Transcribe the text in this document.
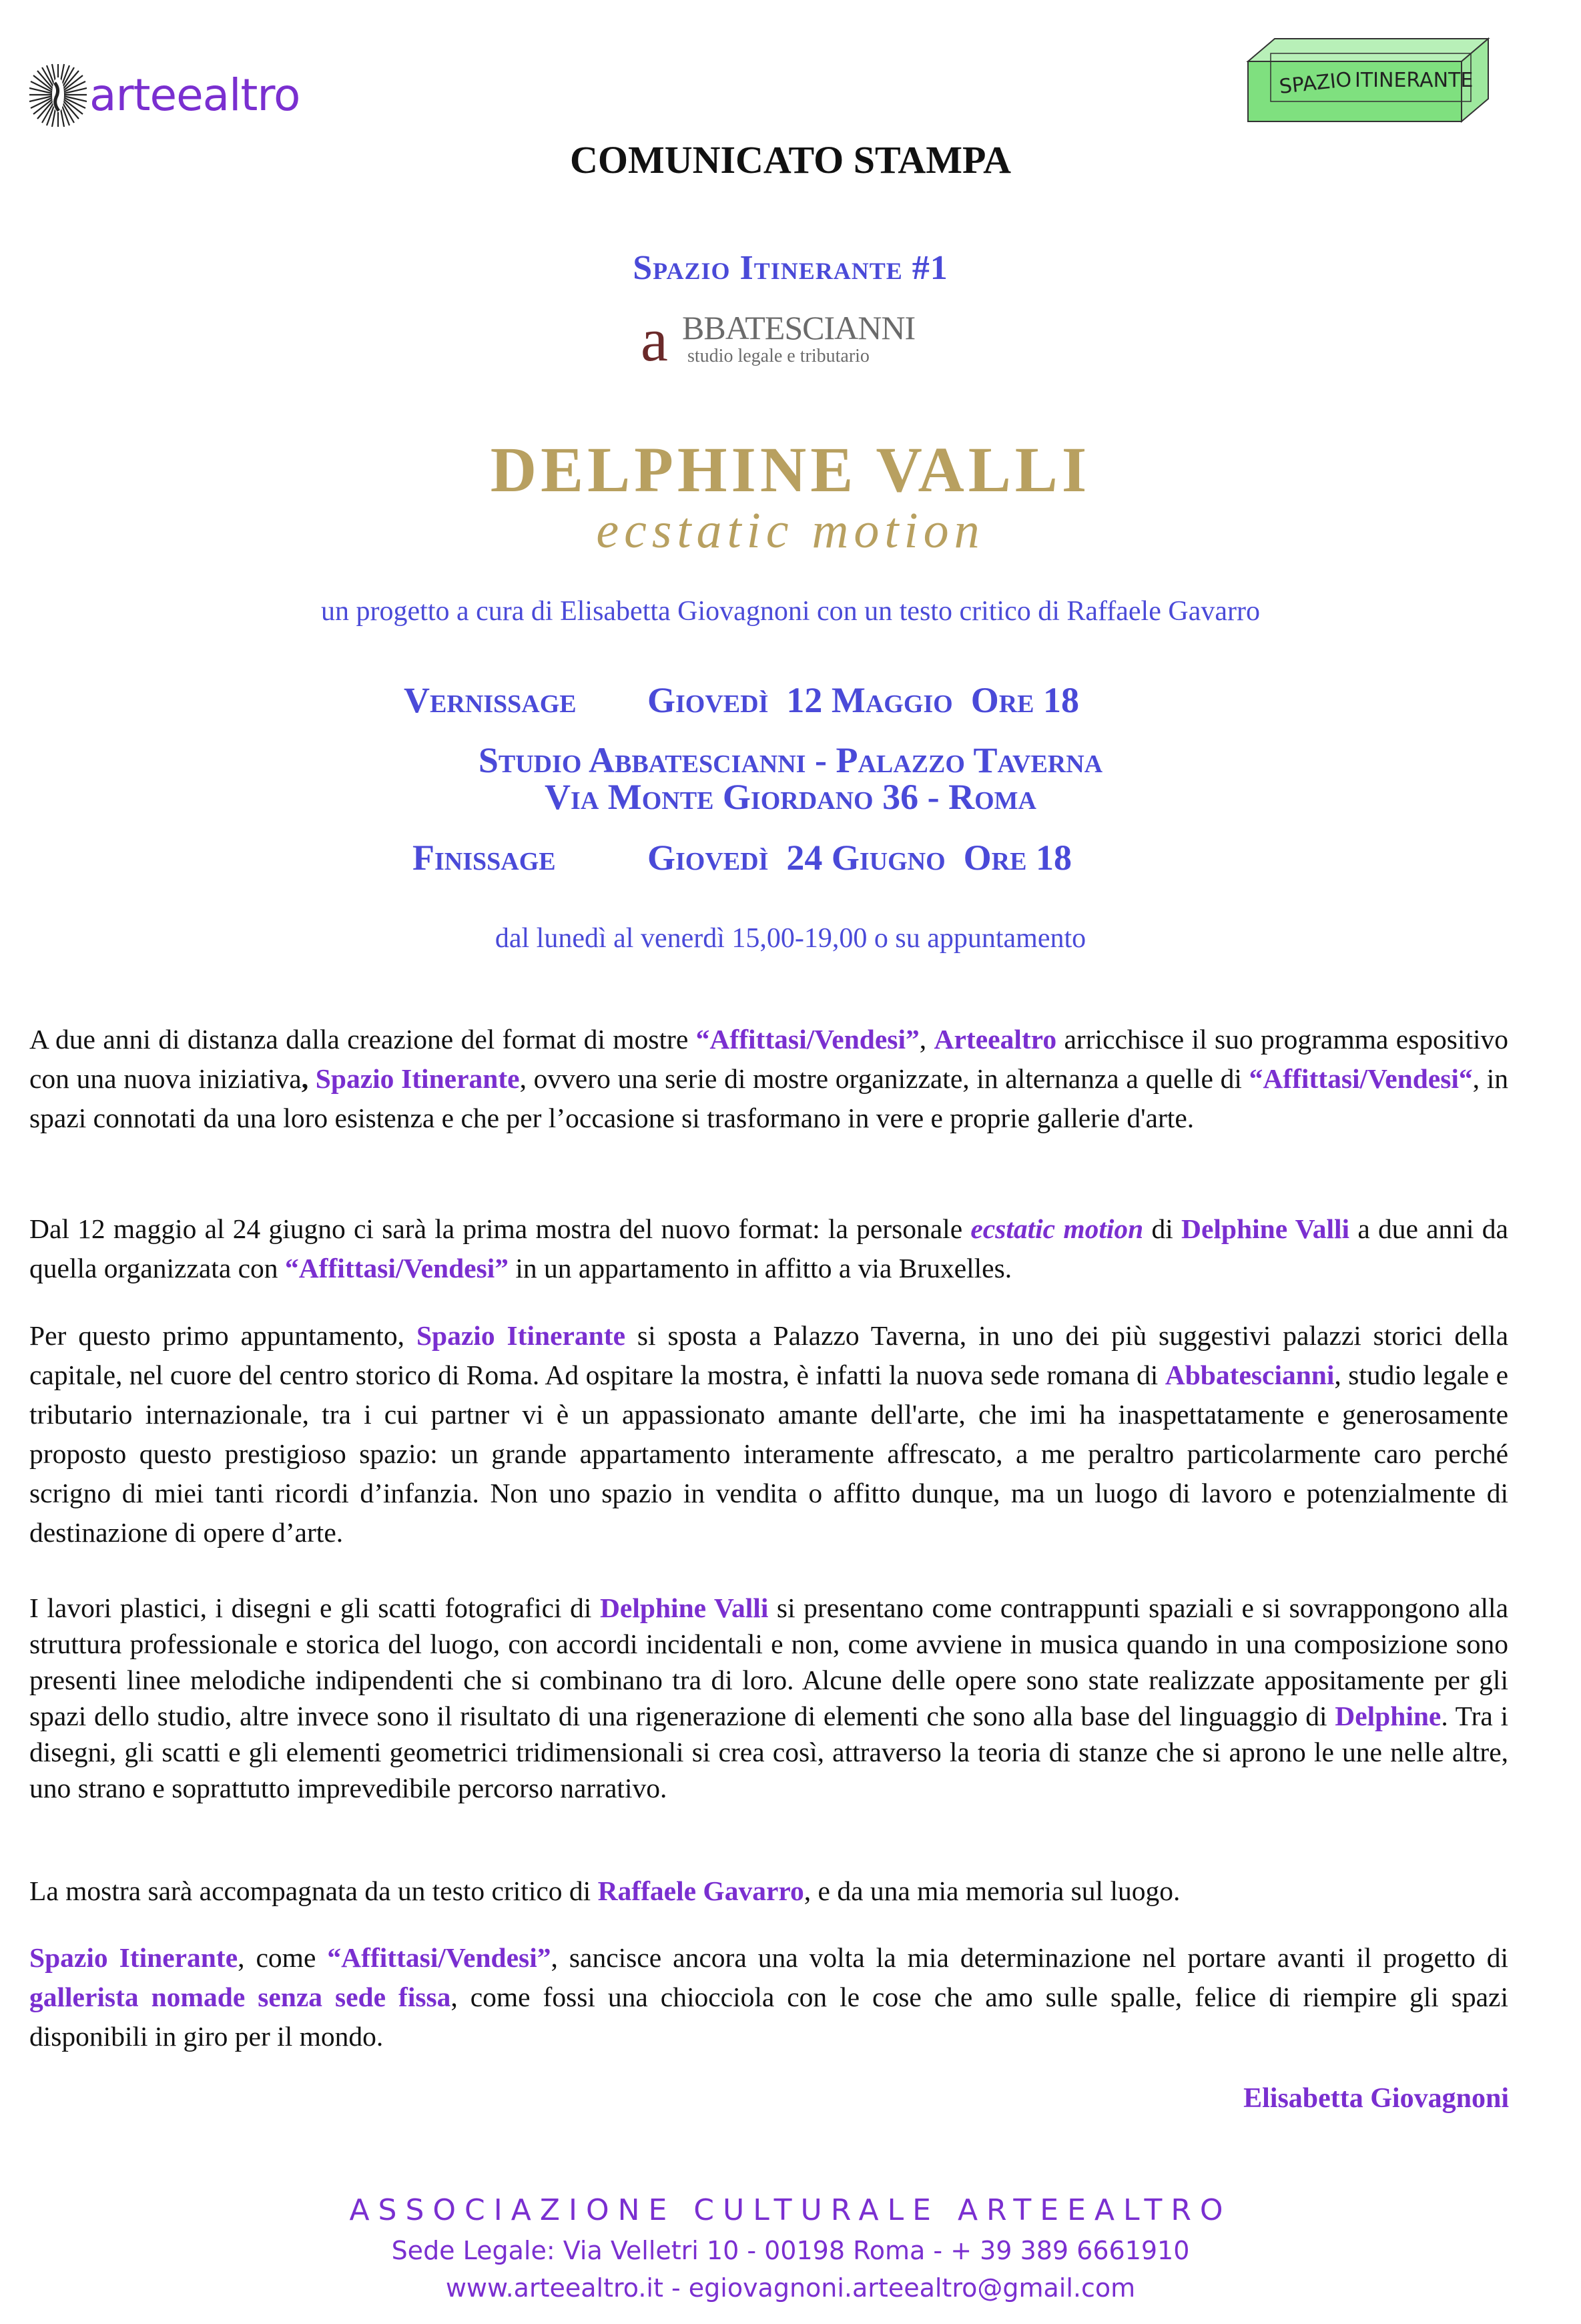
arteealtro	SPAZIO ITINERANTE
COMUNICATO STAMPA
Spazio Itinerante #1
a BBATESCIANNI
studio legale e tributario
DELPHINE VALLI
ecstatic motion
un progetto a cura di Elisabetta Giovagnoni con un testo critico di Raffaele Gavarro
Vernissage Giovedì  12 Maggio  Ore 18
Studio Abbatescianni - Palazzo Taverna
Via Monte Giordano 36 - Roma
Finissage	Giovedì  24 Giugno  Ore 18
dal lunedì al venerdì 15,00-19,00 o su appuntamento

A due anni di distanza dalla creazione del format di mostre “Affittasi/Vendesi”, Arteealtro arricchisce il suo programma espositivo con una nuova iniziativa, Spazio Itinerante, ovvero una serie di mostre organizzate, in alternanza a quelle di “Affittasi/Vendesi“, in spazi connotati da una loro esistenza e che per l’occasione si trasformano in vere e proprie gallerie d'arte.

Dal 12 maggio al 24 giugno ci sarà la prima mostra del nuovo format: la personale ecstatic motion di Delphine Valli a due anni da quella organizzata con “Affittasi/Vendesi” in un appartamento in affitto a via Bruxelles.

Per questo primo appuntamento, Spazio Itinerante si sposta a Palazzo Taverna, in uno dei più suggestivi palazzi storici della capitale, nel cuore del centro storico di Roma. Ad ospitare la mostra, è infatti la nuova sede romana di Abbatescianni, studio legale e tributario internazionale, tra i cui partner vi è un appassionato amante dell'arte, che imi ha inaspettatamente e generosamente proposto questo prestigioso spazio: un grande appartamento interamente affrescato, a me peraltro particolarmente caro perché scrigno di miei tanti ricordi d’infanzia. Non uno spazio in vendita o affitto dunque, ma un luogo di lavoro e potenzialmente di destinazione di opere d’arte.

I lavori plastici, i disegni e gli scatti fotografici di Delphine Valli si presentano come contrappunti spaziali e si sovrappongono alla struttura professionale e storica del luogo, con accordi incidentali e non, come avviene in musica quando in una composizione sono presenti linee melodiche indipendenti che si combinano tra di loro. Alcune delle opere sono state realizzate appositamente per gli spazi dello studio, altre invece sono il risultato di una rigenerazione di elementi che sono alla base del linguaggio di Delphine. Tra i disegni, gli scatti e gli elementi geometrici tridimensionali si crea così, attraverso la teoria di stanze che si aprono le une nelle altre, uno strano e soprattutto imprevedibile percorso narrativo.

La mostra sarà accompagnata da un testo critico di Raffaele Gavarro, e da una mia memoria sul luogo.

Spazio Itinerante, come “Affittasi/Vendesi”, sancisce ancora una volta la mia determinazione nel portare avanti il progetto di gallerista nomade senza sede fissa, come fossi una chiocciola con le cose che amo sulle spalle, felice di riempire gli spazi disponibili in giro per il mondo.

Elisabetta Giovagnoni
ASSOCIAZIONE CULTURALE ARTEEALTRO
Sede Legale: Via Velletri 10 - 00198 Roma - + 39 389 6661910
www.arteealtro.it - egiovagnoni.arteealtro@gmail.com
